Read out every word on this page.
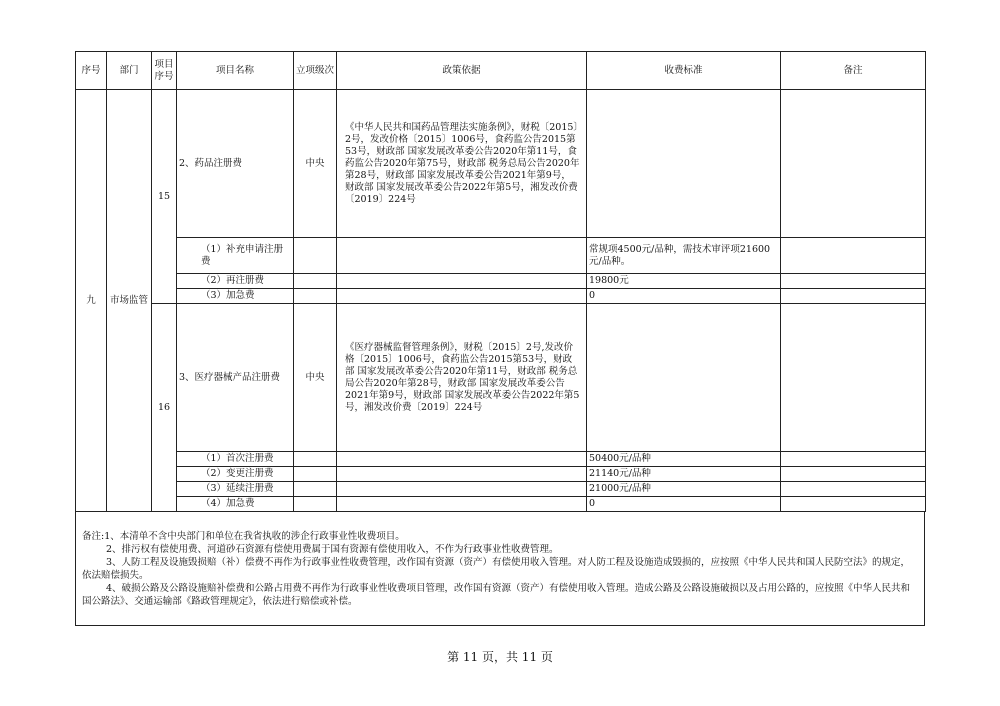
序号	部门	项目序号	项目名称	立项级次	政策依据	收费标准	备注
九	市场监管	15	2、药品注册费	中央	《中华人民共和国药品管理法实施条例》，财税〔2015〕2号，发改价格〔2015〕1006号，食药监公告2015第53号，财政部 国家发展改革委公告2020年第11号，食药监公告2020年第75号，财政部 税务总局公告2020年第28号，财政部 国家发展改革委公告2021年第9号，财政部 国家发展改革委公告2022年第5号，湘发改价费〔2019〕224号		
			（1）补充申请注册费			常规项4500元/品种，需技术审评项21600元/品种。	
			（2）再注册费			19800元	
			（3）加急费			0	
		16	3、医疗器械产品注册费	中央	《医疗器械监督管理条例》，财税〔2015〕2号,发改价格〔2015〕1006号，食药监公告2015第53号，财政部 国家发展改革委公告2020年第11号，财政部 税务总局公告2020年第28号，财政部 国家发展改革委公告2021年第9号，财政部 国家发展改革委公告2022年第5号，湘发改价费〔2019〕224号		
			（1）首次注册费			50400元/品种	
			（2）变更注册费			21140元/品种	
			（3）延续注册费			21000元/品种	
			（4）加急费			0	

备注:1、本清单不含中央部门和单位在我省执收的涉企行政事业性收费项目。

2、排污权有偿使用费、河道砂石资源有偿使用费属于国有资源有偿使用收入，不作为行政事业性收费管理。

3、人防工程及设施毁损赔（补）偿费不再作为行政事业性收费管理，改作国有资源（资产）有偿使用收入管理。对人防工程及设施造成毁损的，应按照《中华人民共和国人民防空法》的规定，依法赔偿损失。

4、破损公路及公路设施赔补偿费和公路占用费不再作为行政事业性收费项目管理，改作国有资源（资产）有偿使用收入管理。造成公路及公路设施破损以及占用公路的，应按照《中华人民共和国公路法》、交通运输部《路政管理规定》，依法进行赔偿或补偿。

第 11 页，共 11 页
